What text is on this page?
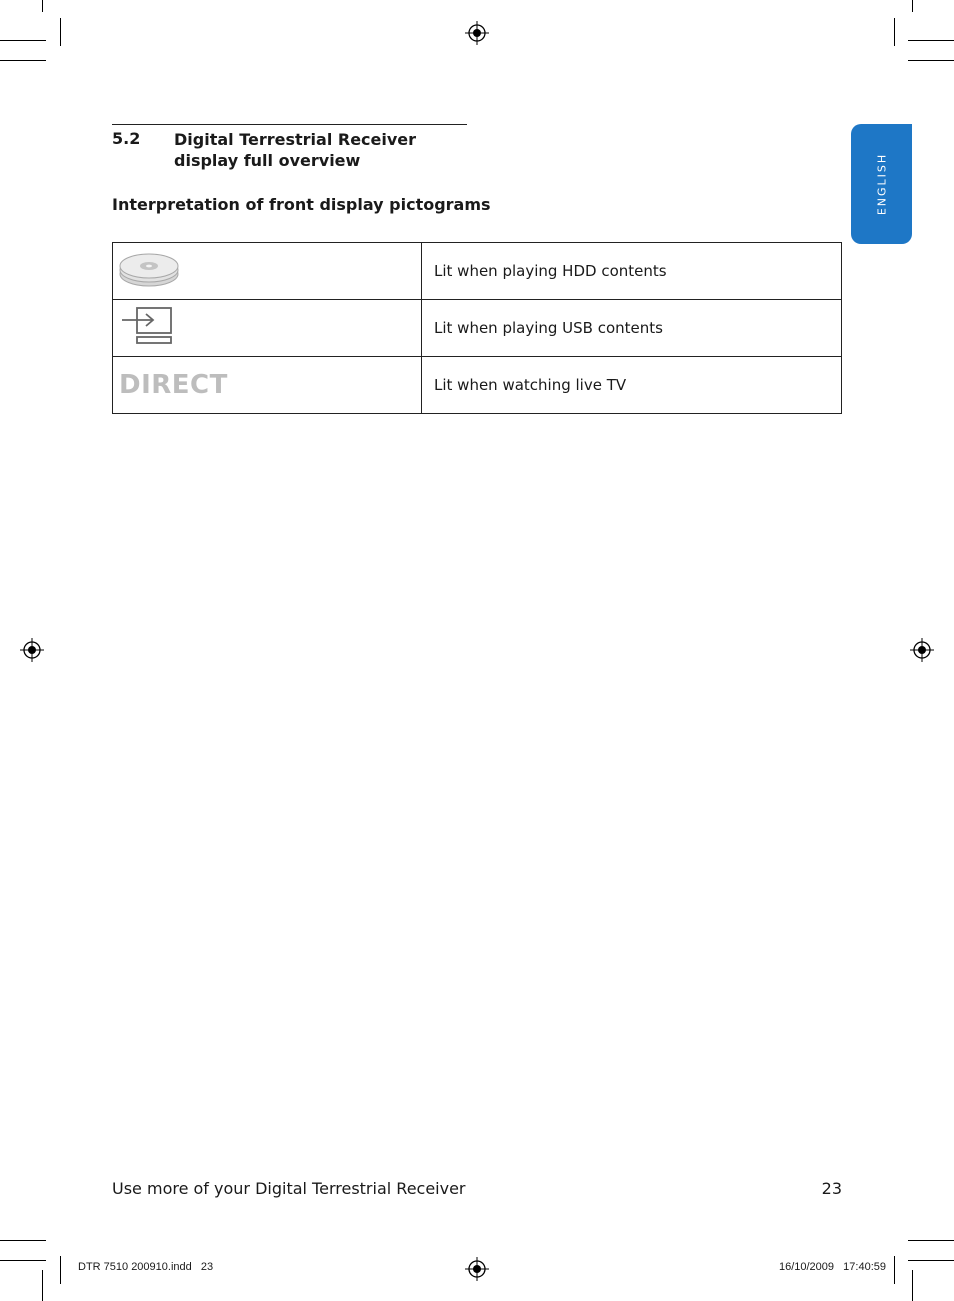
ENGLISH
5.2 Digital Terrestrial Receiver display full overview
Interpretation of front display pictograms
	Lit when playing HDD contents
	Lit when playing USB contents
DIRECT	Lit when watching live TV
Use more of your Digital Terrestrial Receiver	23
DTR 7510 200910.indd   23	16/10/2009   17:40:59
